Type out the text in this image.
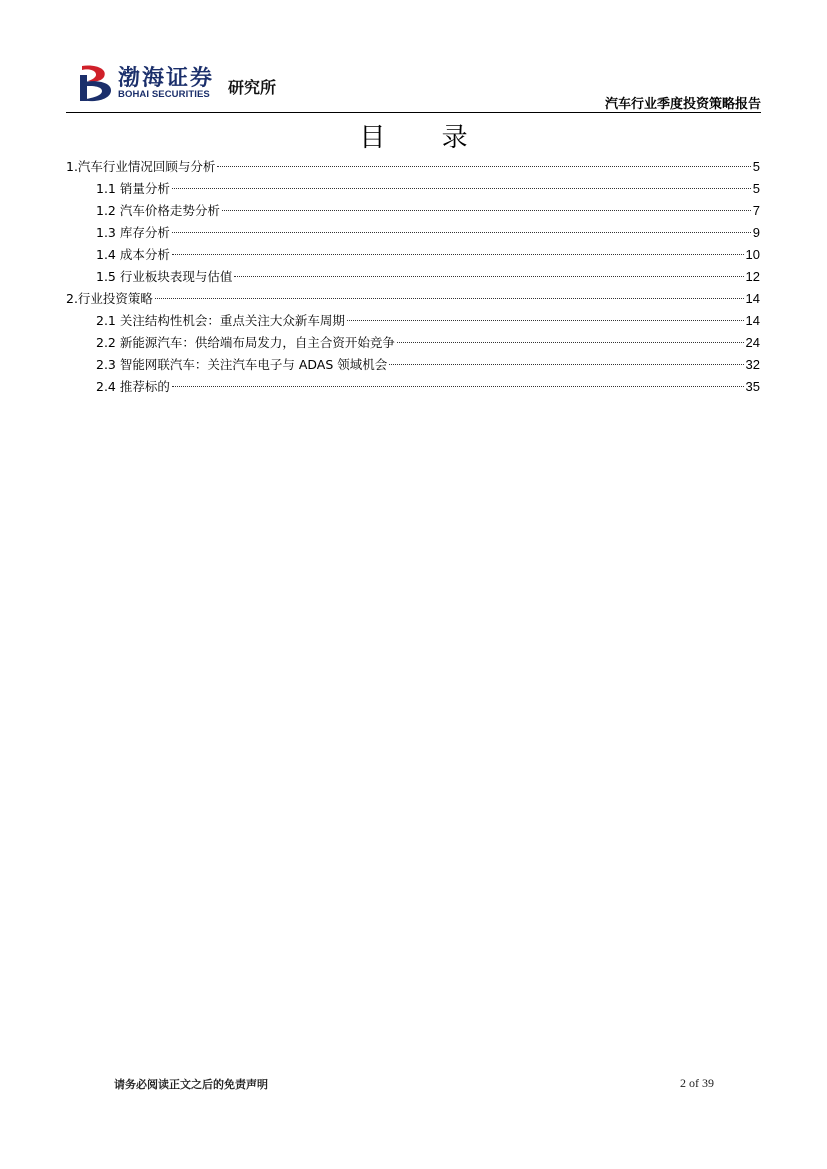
渤海证券
BOHAI SECURITIES 研究所
汽车行业季度投资策略报告
目 录
1.汽车行业情况回顾与分析	5
1.1 销量分析	5
1.2 汽车价格走势分析	7
1.3 库存分析	9
1.4 成本分析	10
1.5 行业板块表现与估值	12
2.行业投资策略	14
2.1 关注结构性机会：重点关注大众新车周期	14
2.2 新能源汽车：供给端布局发力，自主合资开始竞争	24
2.3 智能网联汽车：关注汽车电子与 ADAS 领域机会	32
2.4 推荐标的	35
请务必阅读正文之后的免责声明	2 of 39
